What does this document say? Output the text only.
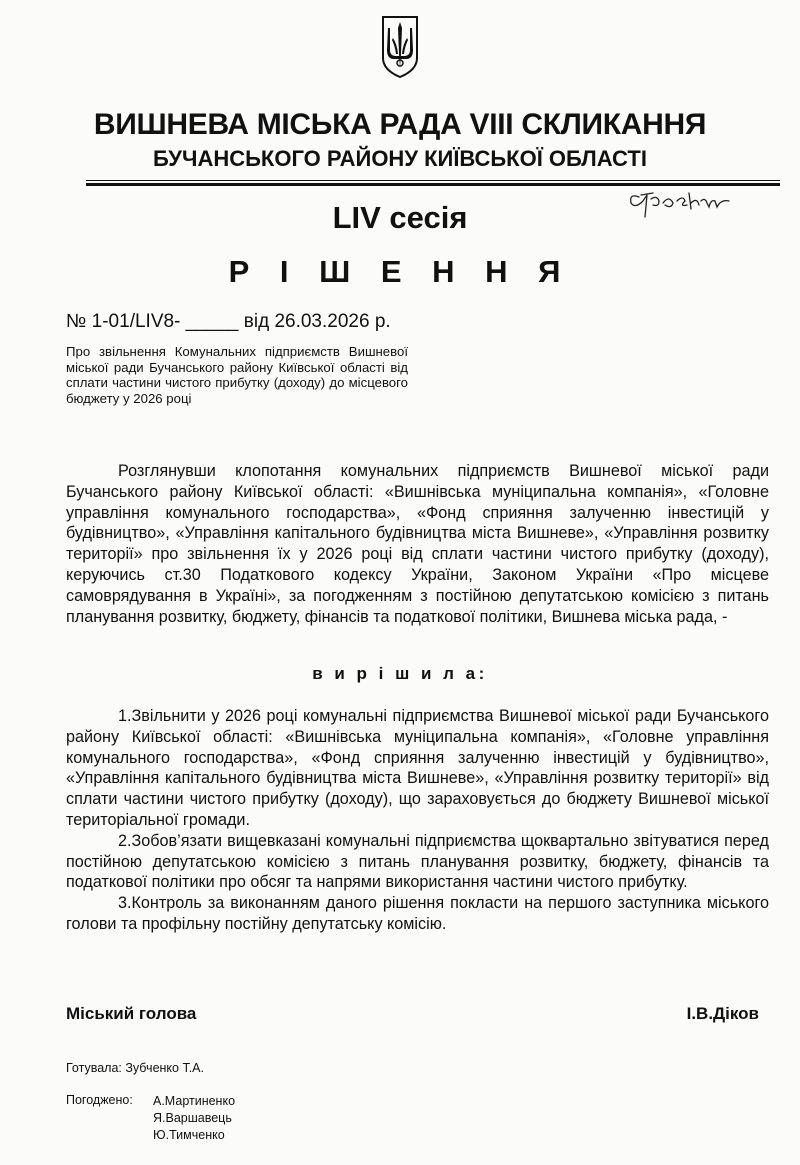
ВИШНЕВА МІСЬКА РАДА VIII СКЛИКАННЯ
БУЧАНСЬКОГО РАЙОНУ КИЇВСЬКОЇ ОБЛАСТІ
LIV сесія
Р І Ш Е Н Н Я
№ 1-01/LIV8- _____ від 26.03.2026 р.
Про звільнення Комунальних підприємств Вишневої міської ради Бучанського району Київської області від сплати частини чистого прибутку (доходу) до місцевого бюджету у 2026 році

Розглянувши клопотання комунальних підприємств Вишневої міської ради Бучанського району Київської області: «Вишнівська муніципальна компанія», «Головне управління комунального господарства», «Фонд сприяння залученню інвестицій у будівництво», «Управління капітального будівництва міста Вишневе», «Управління розвитку території» про звільнення їх у 2026 році від сплати частини чистого прибутку (доходу), керуючись ст.30 Податкового кодексу України, Законом України «Про місцеве самоврядування в Україні», за погодженням з постійною депутатською комісією з питань планування розвитку, бюджету, фінансів та податкової політики, Вишнева міська рада, -

в и р і ш и л а:

1.Звільнити у 2026 році комунальні підприємства Вишневої міської ради Бучанського району Київської області: «Вишнівська муніципальна компанія», «Головне управління комунального господарства», «Фонд сприяння залученню інвестицій у будівництво», «Управління капітального будівництва міста Вишневе», «Управління розвитку території» від сплати частини чистого прибутку (доходу), що зараховується до бюджету Вишневої міської територіальної громади.

2.Зобов’язати вищевказані комунальні підприємства щоквартально звітуватися перед постійною депутатською комісією з питань планування розвитку, бюджету, фінансів та податкової політики про обсяг та напрями використання частини чистого прибутку.

3.Контроль за виконанням даного рішення покласти на першого заступника міського голови та профільну постійну депутатську комісію.

Міський голова	І.В.Діков
Готувала: Зубченко Т.А.
Погоджено: А.Мартиненко
Я.Варшавець
Ю.Тимченко
